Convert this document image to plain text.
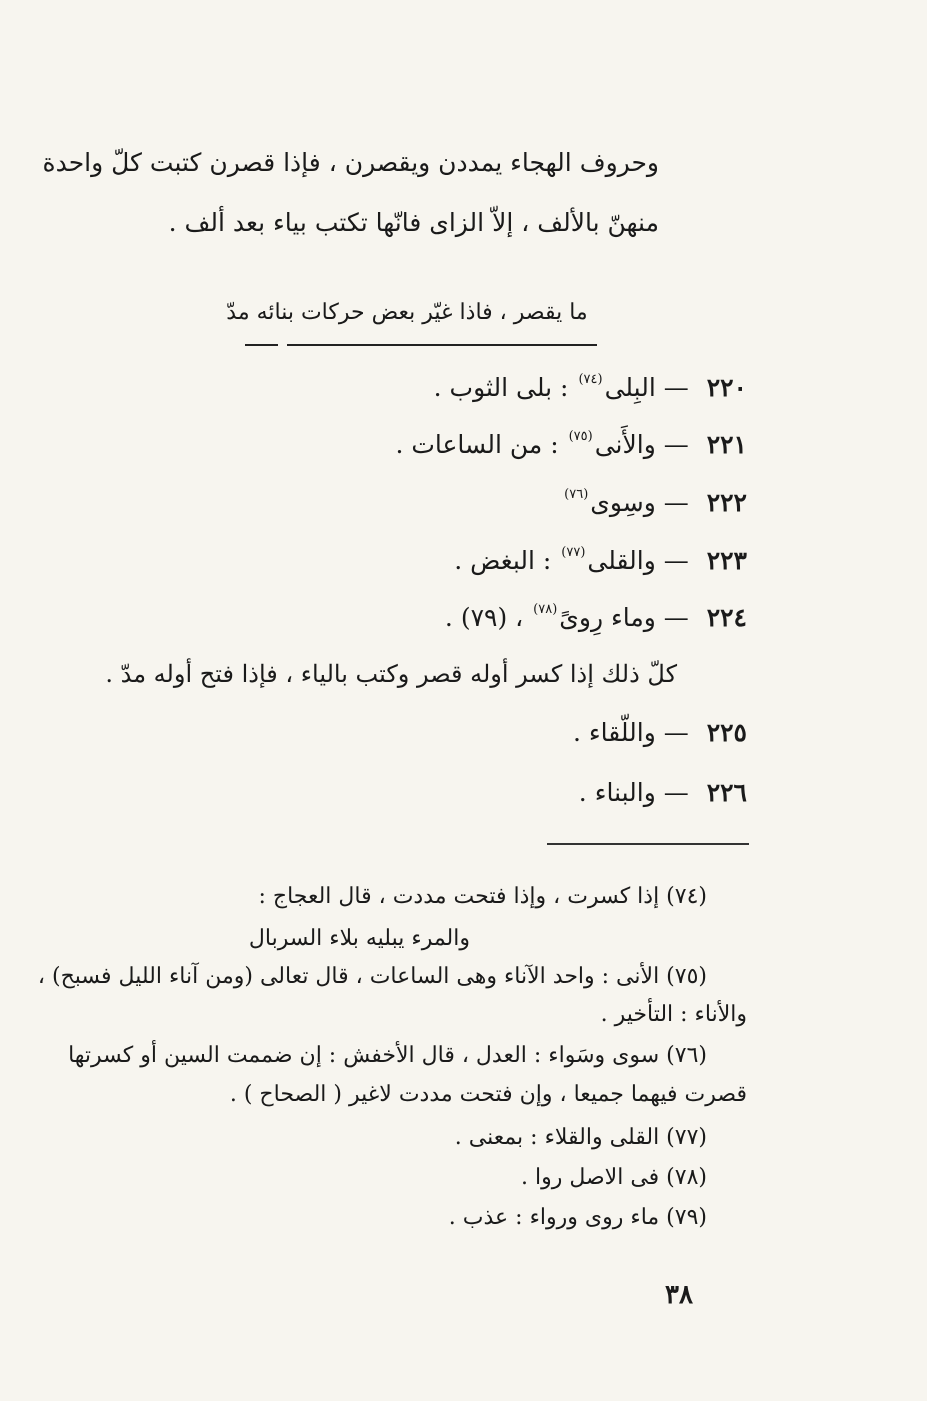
وحروف الهجاء يمددن ويقصرن ، فإذا قصرن كتبت كلّ واحدة
منهنّ بالألف ، إلاّ الزاى فانّها تكتب بياء بعد ألف .
ما يقصر ، فاذا غيّر بعض حركات بنائه مدّ
٢٢٠ — البِلى$^{(٧٤)}$ : بلى الثوب .
٢٢١ — والأَنى$^{(٧٥)}$ : من الساعات .
٢٢٢ — وسِوى$^{(٧٦)}$
٢٢٣ — والقلى$^{(٧٧)}$ : البغض .
٢٢٤ — وماء رِوىً$^{(٧٨)}$ ، (٧٩) .
كلّ ذلك إذا كسر أوله قصر وكتب بالياء ، فإذا فتح أوله مدّ .
٢٢٥ — واللّقاء .
٢٢٦ — والبناء .
(٧٤) إذا كسرت ، وإذا فتحت مددت ، قال العجاج :
والمرء يبليه بلاء السربال
(٧٥) الأنى : واحد الآناء وهى الساعات ، قال تعالى (ومن آناء الليل فسبح) ،
والأناء : التأخير .
(٧٦) سوى وسَواء : العدل ، قال الأخفش : إن ضممت السين أو كسرتها
قصرت فيهما جميعا ، وإن فتحت مددت لاغير ( الصحاح ) .
(٧٧) القلى والقلاء : بمعنى .
(٧٨) فى الاصل روا .
(٧٩) ماء روى ورواء : عذب .
٣٨
